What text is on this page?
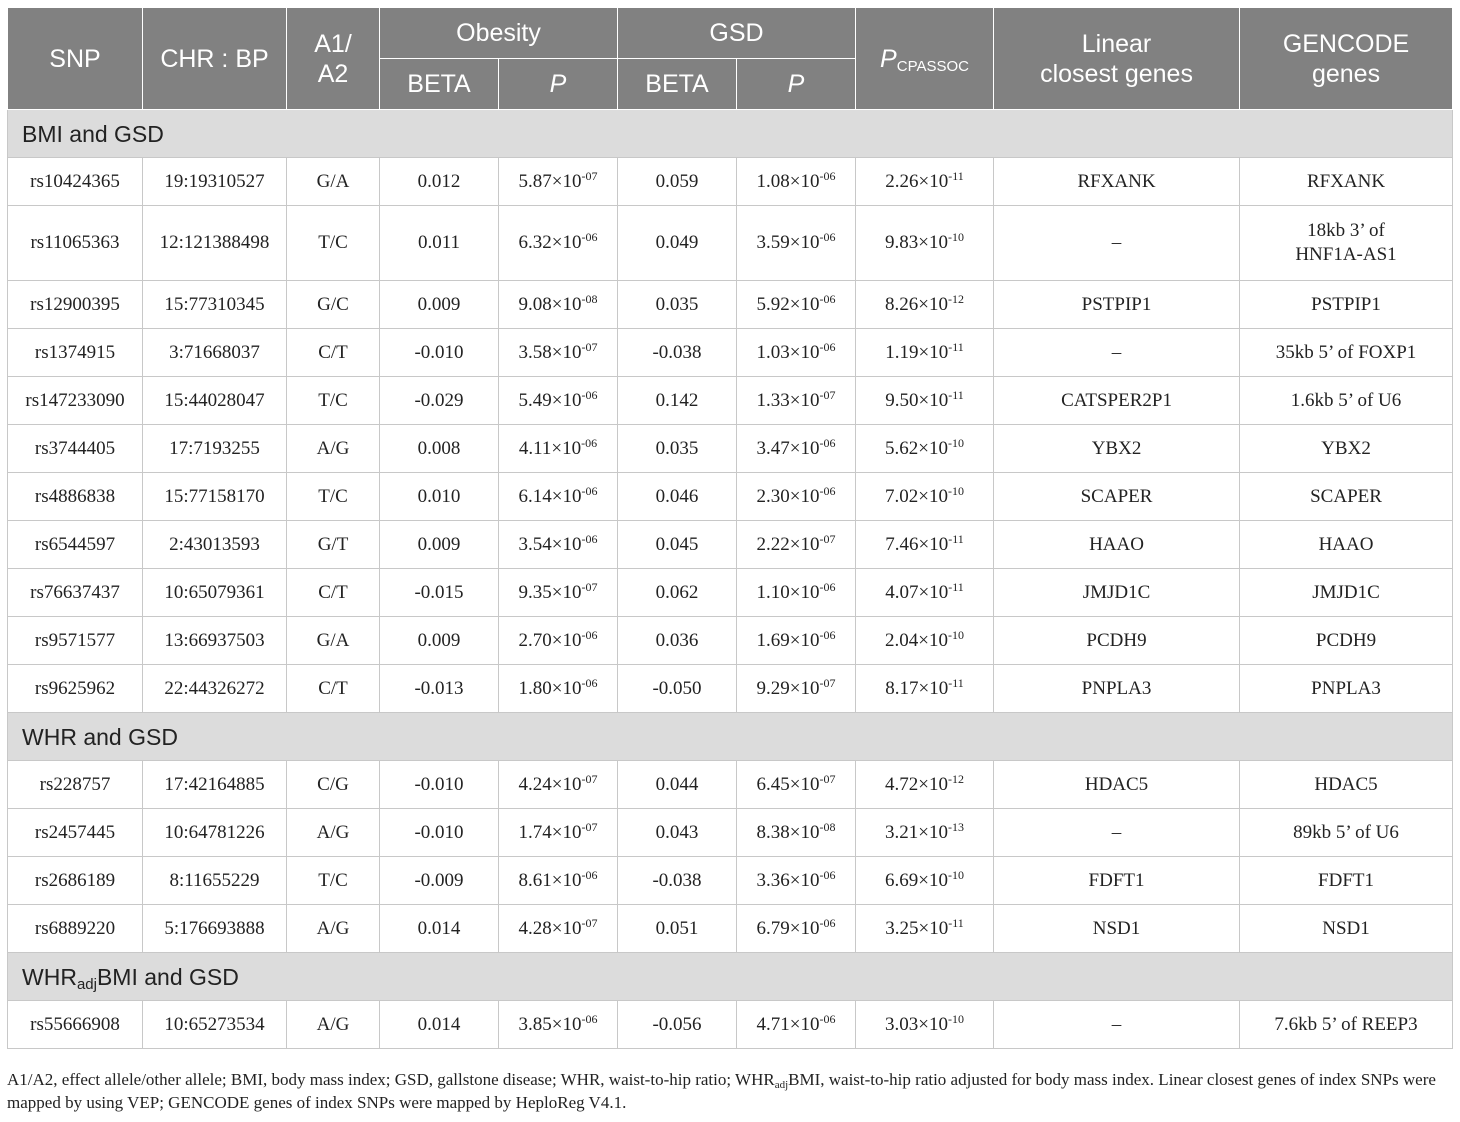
SNP	CHR : BP	A1/
A2	Obesity		GSD		PCPASSOC	Linear
closest genes	GENCODE
genes
			BETA	P	BETA	P			
BMI and GSD									
rs10424365	19:19310527	G/A	0.012	$5.87\times 10^{-07}$	0.059	$1.08\times 10^{-06}$	$2.26\times 10^{-11}$	RFXANK	RFXANK
rs11065363	12:121388498	T/C	0.011	$6.32\times 10^{-06}$	0.049	$3.59\times 10^{-06}$	$9.83\times 10^{-10}$	–	18kb 3’ of
HNF1A-AS1
rs12900395	15:77310345	G/C	0.009	$9.08\times 10^{-08}$	0.035	$5.92\times 10^{-06}$	$8.26\times 10^{-12}$	PSTPIP1	PSTPIP1
rs1374915	3:71668037	C/T	-0.010	$3.58\times 10^{-07}$	-0.038	$1.03\times 10^{-06}$	$1.19\times 10^{-11}$	–	35kb 5’ of FOXP1
rs147233090	15:44028047	T/C	-0.029	$5.49\times 10^{-06}$	0.142	$1.33\times 10^{-07}$	$9.50\times 10^{-11}$	CATSPER2P1	1.6kb 5’ of U6
rs3744405	17:7193255	A/G	0.008	$4.11\times 10^{-06}$	0.035	$3.47\times 10^{-06}$	$5.62\times 10^{-10}$	YBX2	YBX2
rs4886838	15:77158170	T/C	0.010	$6.14\times 10^{-06}$	0.046	$2.30\times 10^{-06}$	$7.02\times 10^{-10}$	SCAPER	SCAPER
rs6544597	2:43013593	G/T	0.009	$3.54\times 10^{-06}$	0.045	$2.22\times 10^{-07}$	$7.46\times 10^{-11}$	HAAO	HAAO
rs76637437	10:65079361	C/T	-0.015	$9.35\times 10^{-07}$	0.062	$1.10\times 10^{-06}$	$4.07\times 10^{-11}$	JMJD1C	JMJD1C
rs9571577	13:66937503	G/A	0.009	$2.70\times 10^{-06}$	0.036	$1.69\times 10^{-06}$	$2.04\times 10^{-10}$	PCDH9	PCDH9
rs9625962	22:44326272	C/T	-0.013	$1.80\times 10^{-06}$	-0.050	$9.29\times 10^{-07}$	$8.17\times 10^{-11}$	PNPLA3	PNPLA3
WHR and GSD									
rs228757	17:42164885	C/G	-0.010	$4.24\times 10^{-07}$	0.044	$6.45\times 10^{-07}$	$4.72\times 10^{-12}$	HDAC5	HDAC5
rs2457445	10:64781226	A/G	-0.010	$1.74\times 10^{-07}$	0.043	$8.38\times 10^{-08}$	$3.21\times 10^{-13}$	–	89kb 5’ of U6
rs2686189	8:11655229	T/C	-0.009	$8.61\times 10^{-06}$	-0.038	$3.36\times 10^{-06}$	$6.69\times 10^{-10}$	FDFT1	FDFT1
rs6889220	5:176693888	A/G	0.014	$4.28\times 10^{-07}$	0.051	$6.79\times 10^{-06}$	$3.25\times 10^{-11}$	NSD1	NSD1
WHRadjBMI and GSD									
rs55666908	10:65273534	A/G	0.014	$3.85\times 10^{-06}$	-0.056	$4.71\times 10^{-06}$	$3.03\times 10^{-10}$	–	7.6kb 5’ of REEP3
A1/A2, effect allele/other allele; BMI, body mass index; GSD, gallstone disease; WHR, waist-to-hip ratio; WHRadjBMI, waist-to-hip ratio adjusted for body mass index. Linear closest genes of index SNPs were mapped by using VEP; GENCODE genes of index SNPs were mapped by HeploReg V4.1.
